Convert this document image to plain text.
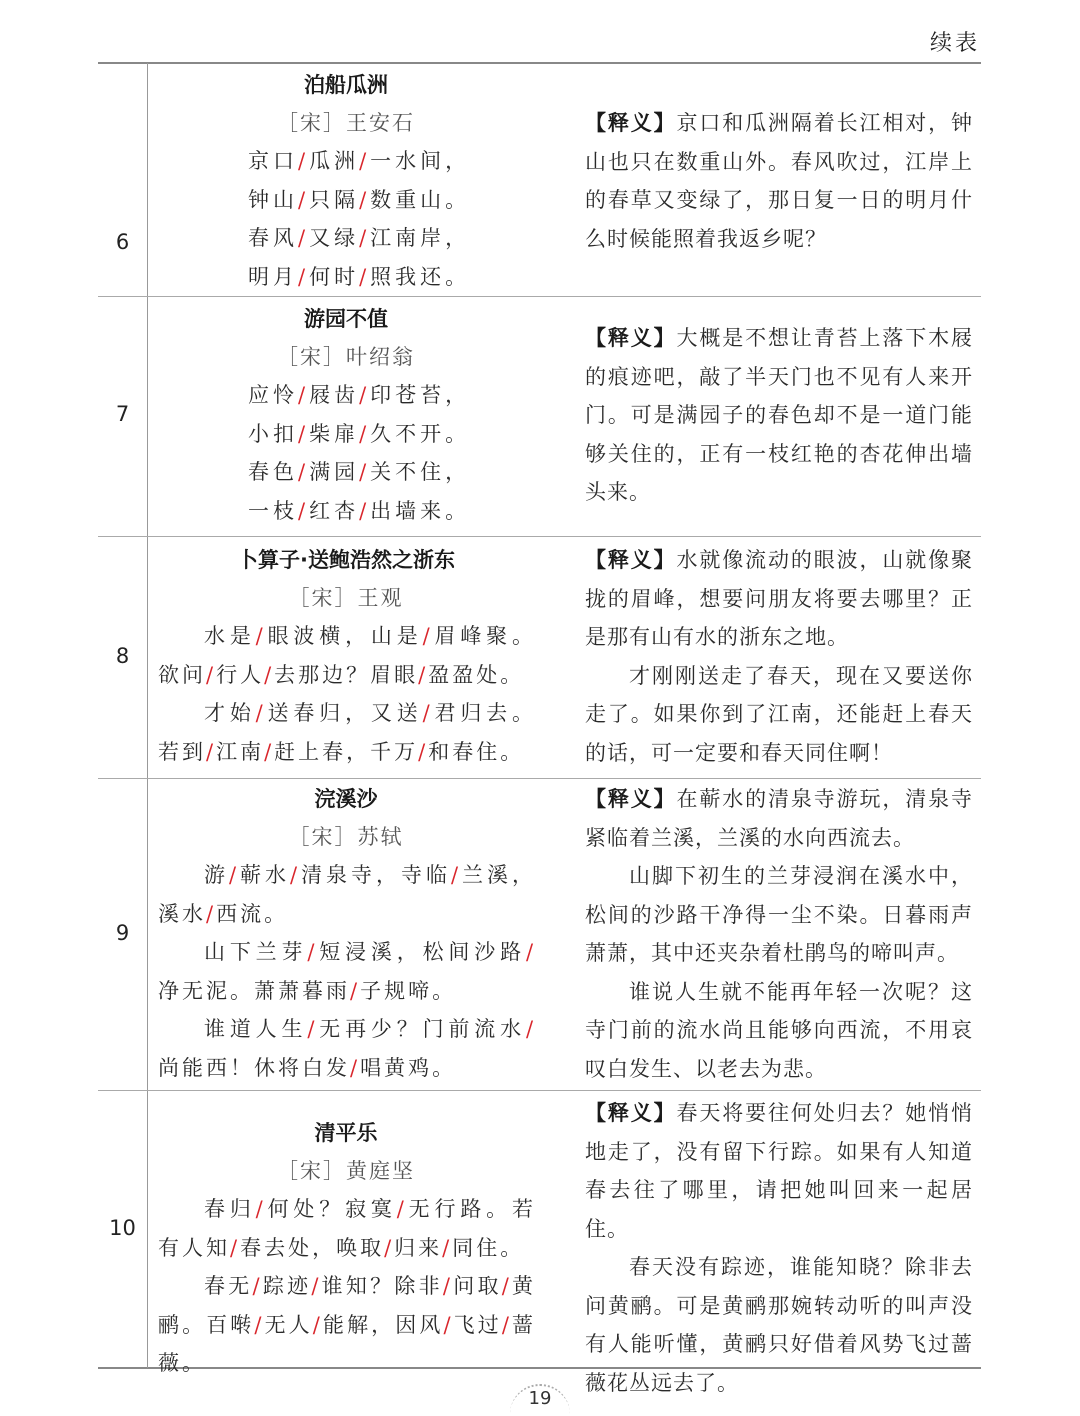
续表
6
泊船瓜洲
［宋］王安石
京口/瓜洲/一水间，
钟山/只隔/数重山。
春风/又绿/江南岸，
明月/何时/照我还。

【释义】京口和瓜洲隔着长江相对，钟山也只在数重山外。春风吹过，江岸上的春草又变绿了，那日复一日的明月什么时候能照着我返乡呢？

7
游园不值
［宋］叶绍翁
应怜/屐齿/印苍苔，
小扣/柴扉/久不开。
春色/满园/关不住，
一枝/红杏/出墙来。

【释义】大概是不想让青苔上落下木屐的痕迹吧，敲了半天门也不见有人来开门。可是满园子的春色却不是一道门能够关住的，正有一枝红艳的杏花伸出墙头来。

8
卜算子·送鲍浩然之浙东
［宋］王观
水是/眼波横，山是/眉峰聚。欲问/行人/去那边？眉眼/盈盈处。
才始/送春归，又送/君归去。若到/江南/赶上春，千万/和春住。

【释义】水就像流动的眼波，山就像聚拢的眉峰，想要问朋友将要去哪里？正是那有山有水的浙东之地。

才刚刚送走了春天，现在又要送你走了。如果你到了江南，还能赶上春天的话，可一定要和春天同住啊！

9
浣溪沙
［宋］苏轼
游/蕲水/清泉寺，寺临/兰溪，溪水/西流。
山下兰芽/短浸溪，松间沙路/净无泥。萧萧暮雨/子规啼。
谁道人生/无再少？门前流水/尚能西！休将白发/唱黄鸡。

【释义】在蕲水的清泉寺游玩，清泉寺紧临着兰溪，兰溪的水向西流去。

山脚下初生的兰芽浸润在溪水中，松间的沙路干净得一尘不染。日暮雨声萧萧，其中还夹杂着杜鹃鸟的啼叫声。

谁说人生就不能再年轻一次呢？这寺门前的流水尚且能够向西流，不用哀叹白发生、以老去为悲。

10
清平乐
［宋］黄庭坚
春归/何处？寂寞/无行路。若有人知/春去处，唤取/归来/同住。
春无/踪迹/谁知？除非/问取/黄鹂。百啭/无人/能解，因风/飞过/蔷薇。

【释义】春天将要往何处归去？她悄悄地走了，没有留下行踪。如果有人知道春去往了哪里，请把她叫回来一起居住。

春天没有踪迹，谁能知晓？除非去问黄鹂。可是黄鹂那婉转动听的叫声没有人能听懂，黄鹂只好借着风势飞过蔷薇花丛远去了。

19
